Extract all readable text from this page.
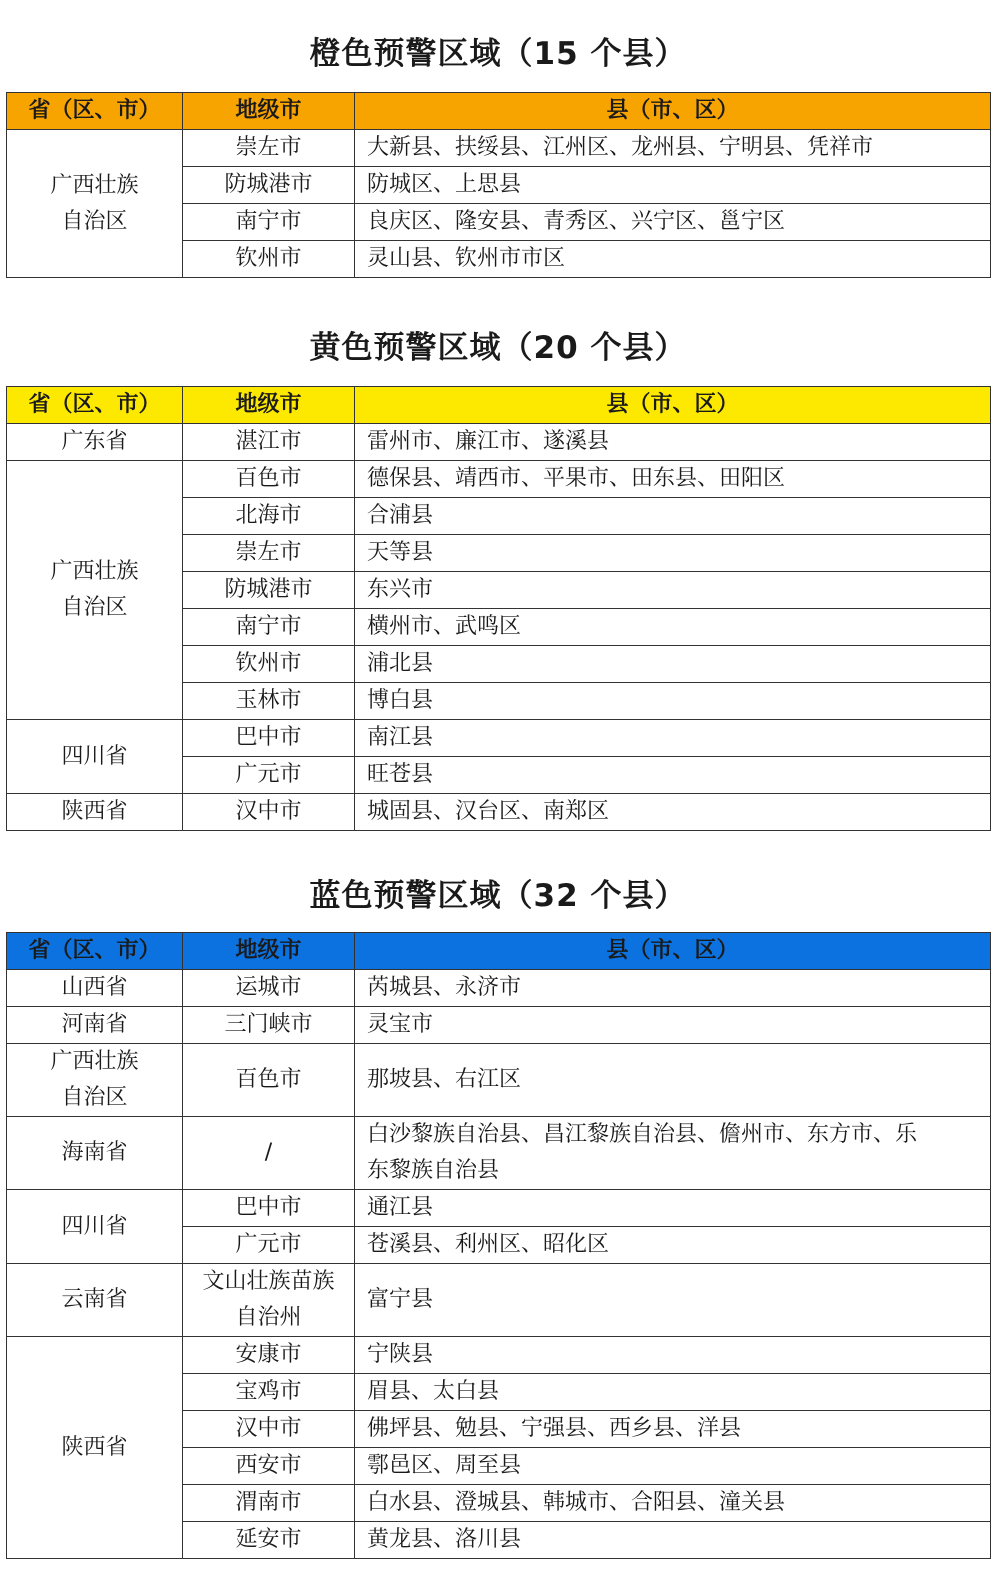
橙色预警区域（15 个县）
省（区、市）	地级市	县（市、区）
广西壮族自治区	崇左市	大新县、扶绥县、江州区、龙州县、宁明县、凭祥市
	防城港市	防城区、上思县
	南宁市	良庆区、隆安县、青秀区、兴宁区、邕宁区
	钦州市	灵山县、钦州市市区
黄色预警区域（20 个县）
省（区、市）	地级市	县（市、区）
广东省	湛江市	雷州市、廉江市、遂溪县
广西壮族自治区	百色市	德保县、靖西市、平果市、田东县、田阳区
	北海市	合浦县
	崇左市	天等县
	防城港市	东兴市
	南宁市	横州市、武鸣区
	钦州市	浦北县
	玉林市	博白县
四川省	巴中市	南江县
	广元市	旺苍县
陕西省	汉中市	城固县、汉台区、南郑区
蓝色预警区域（32 个县）
省（区、市）	地级市	县（市、区）
山西省	运城市	芮城县、永济市
河南省	三门峡市	灵宝市
广西壮族自治区	百色市	那坡县、右江区
海南省	/	白沙黎族自治县、昌江黎族自治县、儋州市、东方市、乐东黎族自治县
四川省	巴中市	通江县
	广元市	苍溪县、利州区、昭化区
云南省	文山壮族苗族自治州	富宁县
陕西省	安康市	宁陕县
	宝鸡市	眉县、太白县
	汉中市	佛坪县、勉县、宁强县、西乡县、洋县
	西安市	鄠邑区、周至县
	渭南市	白水县、澄城县、韩城市、合阳县、潼关县
	延安市	黄龙县、洛川县
